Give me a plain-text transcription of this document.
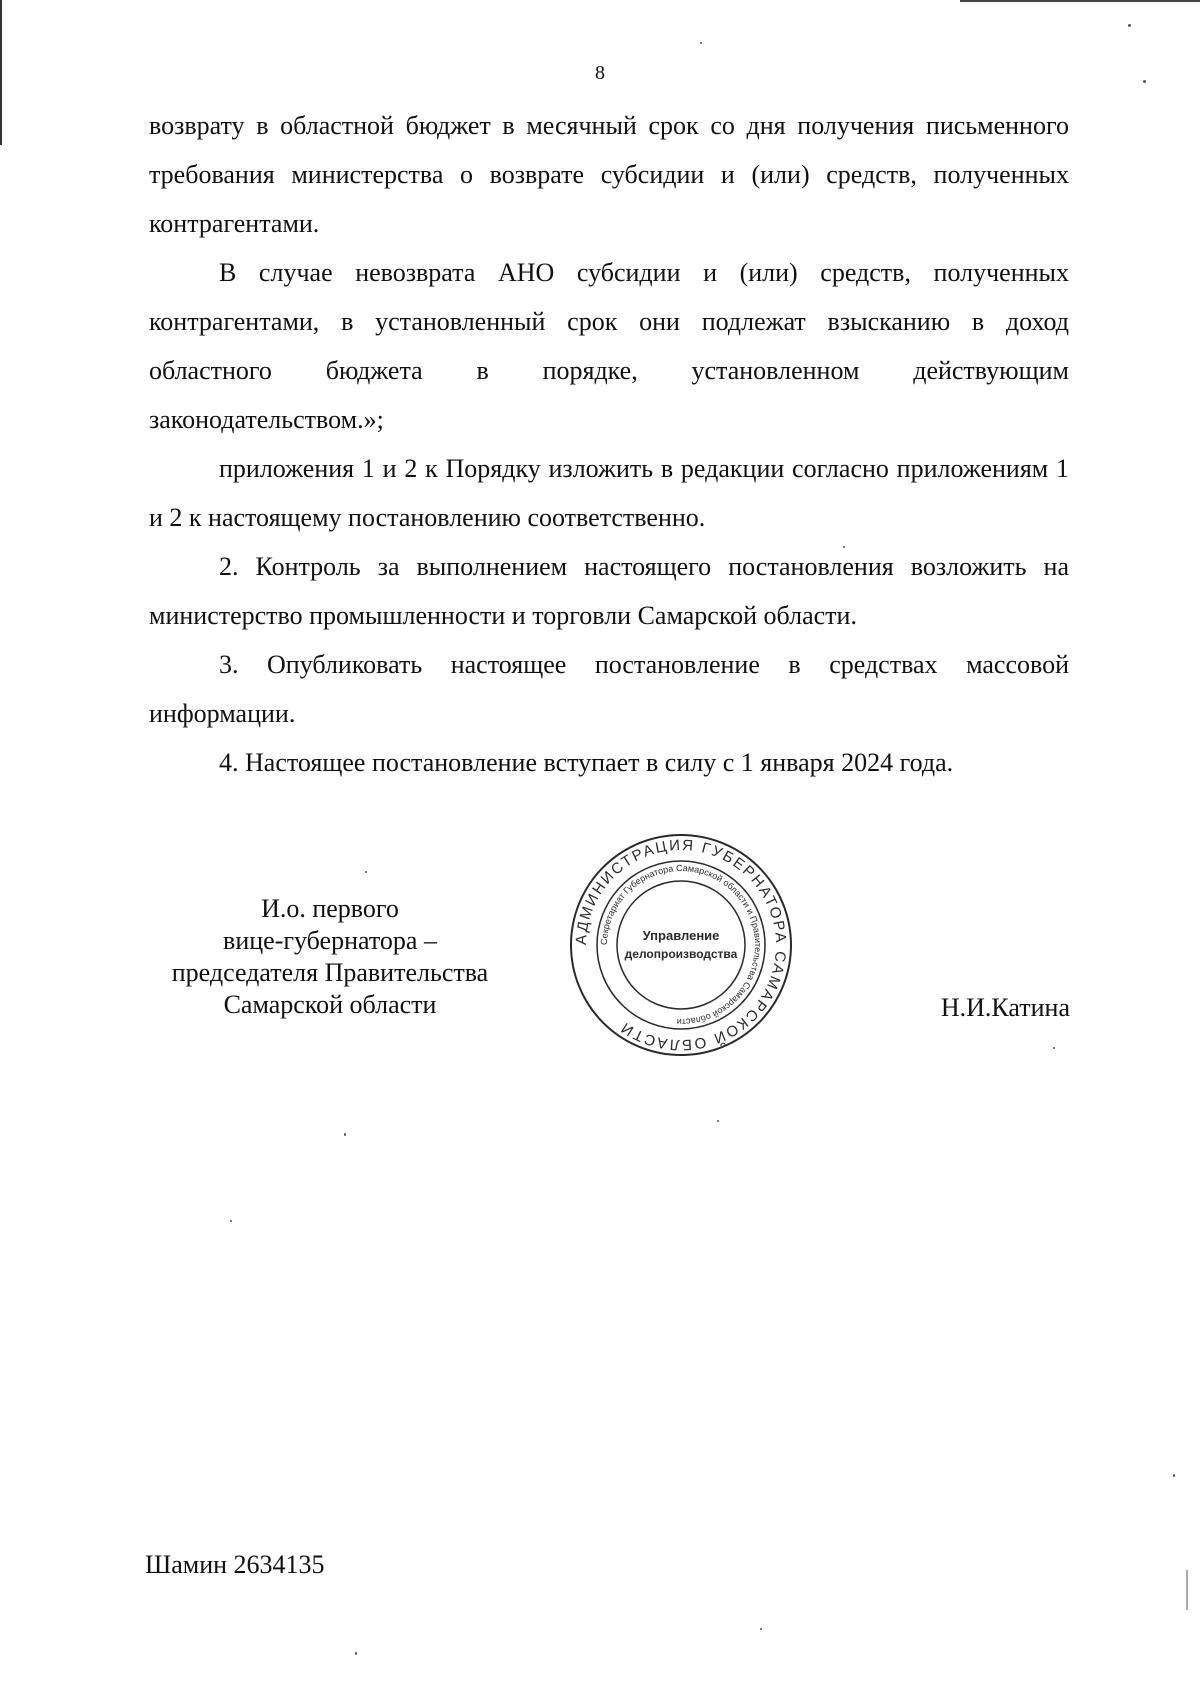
8

возврату в областной бюджет в месячный срок со дня получения письменного требования министерства о возврате субсидии и (или) средств, полученных контрагентами.

В случае невозврата АНО субсидии и (или) средств, полученных контрагентами, в установленный срок они подлежат взысканию в доход областного бюджета в порядке, установленном действующим законодательством.»;

приложения 1 и 2 к Порядку изложить в редакции согласно приложениям 1 и 2 к настоящему постановлению соответственно.

2. Контроль за выполнением настоящего постановления возложить на министерство промышленности и торговли Самарской области.

3. Опубликовать настоящее постановление в средствах массовой информации.

4. Настоящее постановление вступает в силу с 1 января 2024 года.

И.о. первого
вице-губернатора –
председателя Правительства
Самарской области
АДМИНИСТРАЦИЯ ГУБЕРНАТОРА САМАРСКОЙ ОБЛАСТИ
Секретариат Губернатора Самарской области и Правительства Самарской области
Управление
делопроизводства
Н.И.Катина
Шамин 2634135
